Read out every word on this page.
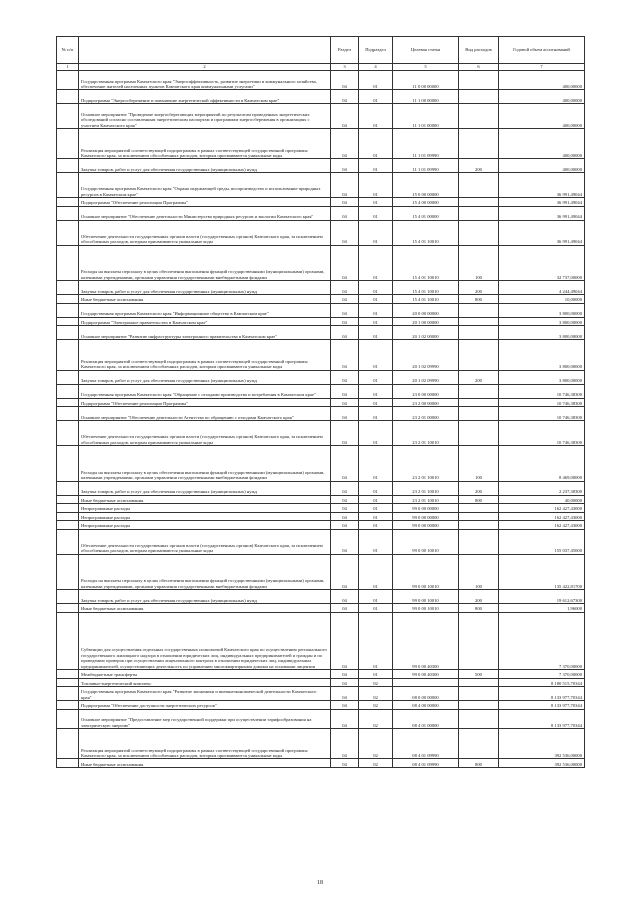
№ п/п		Раздел	Подраздел	Целевая статья	Вид расходов	Годовой объем ассигнований
1	2	3	4	5	6	7
	Государственная программа Камчатского края "Энергоэффективность, развитие энергетики и коммунального хозяйства, обеспечение жителей населенных пунктов Камчатского края коммунальными услугами"	04	01	11 0 00 00000		400,00000
	Подпрограмма "Энергосбережение и повышение энергетической эффективности в Камчатском крае"	04	01	11 1 00 00000		400,00000
	Основное мероприятие "Проведение энергосберегающих мероприятий по результатам проведенных энергетических обследований согласно составленным энергетическим паспортам и программам энергосбережения в организациях с участием Камчатского края"	04	01	11 1 01 00000		400,00000
	Реализация мероприятий соответствующей подпрограммы в рамках соответствующей государственной программы Камчатского края, за исключением обособленных расходов, которым присваиваются уникальные коды	04	01	11 1 01 09990		400,00000
	Закупка товаров, работ и услуг для обеспечения государственных (муниципальных) нужд	04	01	11 1 01 09990	200	400,00000
	Государственная программа Камчатского края "Охрана окружающей среды, воспроизводство и использование природных ресурсов в Камчатском крае"	04	01	15 0 00 00000		36 991,49044
	Подпрограмма "Обеспечение реализации Программы"	04	01	15 4 00 00000		36 991,49044
	Основное мероприятие "Обеспечение деятельности Министерства природных ресурсов и экологии Камчатского края"	04	01	15 4 01 00000		36 991,49044
	Обеспечение деятельности государственных органов власти (государственных органов) Камчатского края, за исключением обособленных расходов, которым присваиваются уникальные коды	04	01	15 4 01 10010		36 991,49044
	Расходы на выплаты персоналу в целях обеспечения выполнения функций государственными (муниципальными) органами, казенными учреждениями, органами управления государственными внебюджетными фондами	04	01	15 4 01 10010	100	32 737,00000
	Закупка товаров, работ и услуг для обеспечения государственных (муниципальных) нужд	04	01	15 4 01 10010	200	4 244,49044
	Иные бюджетные ассигнования	04	01	15 4 01 10010	800	10,00000
	Государственная программа Камчатского края "Информационное общество в Камчатском крае"	04	01	20 0 00 00000		3 800,00000
	Подпрограмма "Электронное правительство в Камчатском крае"	04	01	20 1 00 00000		3 800,00000
	Основное мероприятие "Развитие инфраструктуры электронного правительства в Камчатском крае"	04	01	20 1 02 00000		3 800,00000
	Реализация мероприятий соответствующей подпрограммы в рамках соответствующей государственной программы Камчатского края, за исключением обособленных расходов, которым присваиваются уникальные коды	04	01	20 1 02 09990		3 800,00000
	Закупка товаров, работ и услуг для обеспечения государственных (муниципальных) нужд	04	01	20 1 02 09990	200	3 800,00000
	Государственная программа Камчатского края "Обращение с отходами производства и потребления в Камчатском крае"	04	01	23 0 00 00000		10 746,38300
	Подпрограмма "Обеспечение реализации Программы"	04	01	23 2 00 00000		10 746,38300
	Основное мероприятие "Обеспечение деятельности Агентства по обращению с отходами Камчатского края"	04	01	23 2 01 00000		10 746,38300
	Обеспечение деятельности государственных органов власти (государственных органов) Камчатского края, за исключением обособленных расходов, которым присваиваются уникальные коды	04	01	23 2 01 10010		10 746,38300
	Расходы на выплаты персоналу в целях обеспечения выполнения функций государственными (муниципальными) органами, казенными учреждениями, органами управления государственными внебюджетными фондами	04	01	23 2 01 10010	100	8 469,00000
	Закупка товаров, работ и услуг для обеспечения государственных (муниципальных) нужд	04	01	23 2 01 10010	200	2 237,38300
	Иные бюджетные ассигнования	04	01	23 2 01 10010	800	40,00000
	Непрограммные расходы	04	01	99 0 00 00000		162 427,43000
	Непрограммные расходы	04	01	99 0 00 00000		162 427,43000
	Непрограммные расходы	04	01	99 0 00 00000		162 427,43000
	Обеспечение деятельности государственных органов власти (государственных органов) Камчатского края, за исключением обособленных расходов, которым присваиваются уникальные коды	04	01	99 0 00 10010		155 037,45000
	Расходы на выплаты персоналу в целях обеспечения выполнения функций государственными (муниципальными) органами, казенными учреждениями, органами управления государственными внебюджетными фондами	04	01	99 0 00 10010	100	135 422,81700
	Закупка товаров, работ и услуг для обеспечения государственных (муниципальных) нужд	04	01	99 0 00 10010	200	19 612,67300
	Иные бюджетные ассигнования	04	01	99 0 00 10010	800	1,96000
	Субвенции для осуществления отдельных государственных полномочий Камчатского края по осуществлению регионального государственного жилищного надзора в отношении юридических лиц, индивидуальных предпринимателей и граждан и по проведению проверок при осуществлении лицензионного контроля в отношении юридических лиц, индивидуальных предпринимателей, осуществляющих деятельность по управлению многоквартирными домами на основании лицензии	04	01	99 0 00 40300		7 370,00000
	Межбюджетные трансферты	04	01	99 0 00 40300	500	7 370,00000
	Топливно-энергетический комплекс	04	02			8 180 515,70344
	Государственная программа Камчатского края "Развитие экономики и внешнеэкономической деятельности Камчатского края"	04	02	08 0 00 00000		8 133 977,70344
	Подпрограмма "Обеспечение доступности энергетических ресурсов"	04	02	08 4 00 00000		8 133 977,70344
	Основное мероприятие "Предоставление мер государственной поддержки при осуществлении тарифообразования на электрическую энергию"	04	02	08 4 01 00000		8 133 977,70344
	Реализация мероприятий соответствующей подпрограммы в рамках соответствующей государственной программы Камчатского края, за исключением обособленных расходов, которым присваиваются уникальные коды	04	02	08 4 01 09990		392 536,00000
	Иные бюджетные ассигнования	04	02	08 4 01 09990	800	392 536,00000
18
